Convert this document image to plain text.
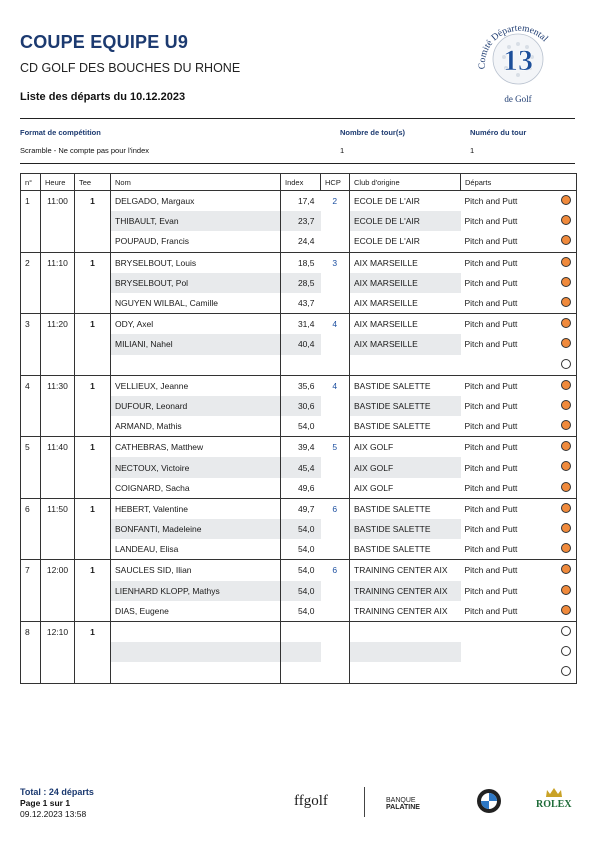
COUPE EQUIPE U9
CD GOLF DES BOUCHES DU RHONE
Liste des départs du 10.12.2023
13
Comité Départemental
de Golf
Format de compétition
Scramble - Ne compte pas pour l'index
Nombre de tour(s)
1
Numéro du tour
1
n°	Heure	Tee	Nom	Index	HCP	Club d'origine	Départs
1	11:00	1	DELGADO, Margaux	17,4	2	ECOLE DE L'AIR	Pitch and Putt

			THIBAULT, Evan	23,7		ECOLE DE L'AIR	Pitch and Putt

			POUPAUD, Francis	24,4		ECOLE DE L'AIR	Pitch and Putt

2	11:10	1	BRYSELBOUT, Louis	18,5	3	AIX MARSEILLE	Pitch and Putt

			BRYSELBOUT, Pol	28,5		AIX MARSEILLE	Pitch and Putt

			NGUYEN WILBAL, Camille	43,7		AIX MARSEILLE	Pitch and Putt

3	11:20	1	ODY, Axel	31,4	4	AIX MARSEILLE	Pitch and Putt

			MILIANI, Nahel	40,4		AIX MARSEILLE	Pitch and Putt

4	11:30	1	VELLIEUX, Jeanne	35,6	4	BASTIDE SALETTE	Pitch and Putt

			DUFOUR, Leonard	30,6		BASTIDE SALETTE	Pitch and Putt

			ARMAND, Mathis	54,0		BASTIDE SALETTE	Pitch and Putt

5	11:40	1	CATHEBRAS, Matthew	39,4	5	AIX GOLF	Pitch and Putt

			NECTOUX, Victoire	45,4		AIX GOLF	Pitch and Putt

			COIGNARD, Sacha	49,6		AIX GOLF	Pitch and Putt

6	11:50	1	HEBERT, Valentine	49,7	6	BASTIDE SALETTE	Pitch and Putt

			BONFANTI, Madeleine	54,0		BASTIDE SALETTE	Pitch and Putt

			LANDEAU, Elisa	54,0		BASTIDE SALETTE	Pitch and Putt

7	12:00	1	SAUCLES SID, Ilian	54,0	6	TRAINING CENTER AIX	Pitch and Putt

			LIENHARD KLOPP, Mathys	54,0		TRAINING CENTER AIX	Pitch and Putt

			DIAS, Eugene	54,0		TRAINING CENTER AIX	Pitch and Putt

8	12:10	1					

Total : 24 départs
Page 1 sur 1
09.12.2023 13:58
ffgolf	BANQUE
PALATINE	ROLEX
